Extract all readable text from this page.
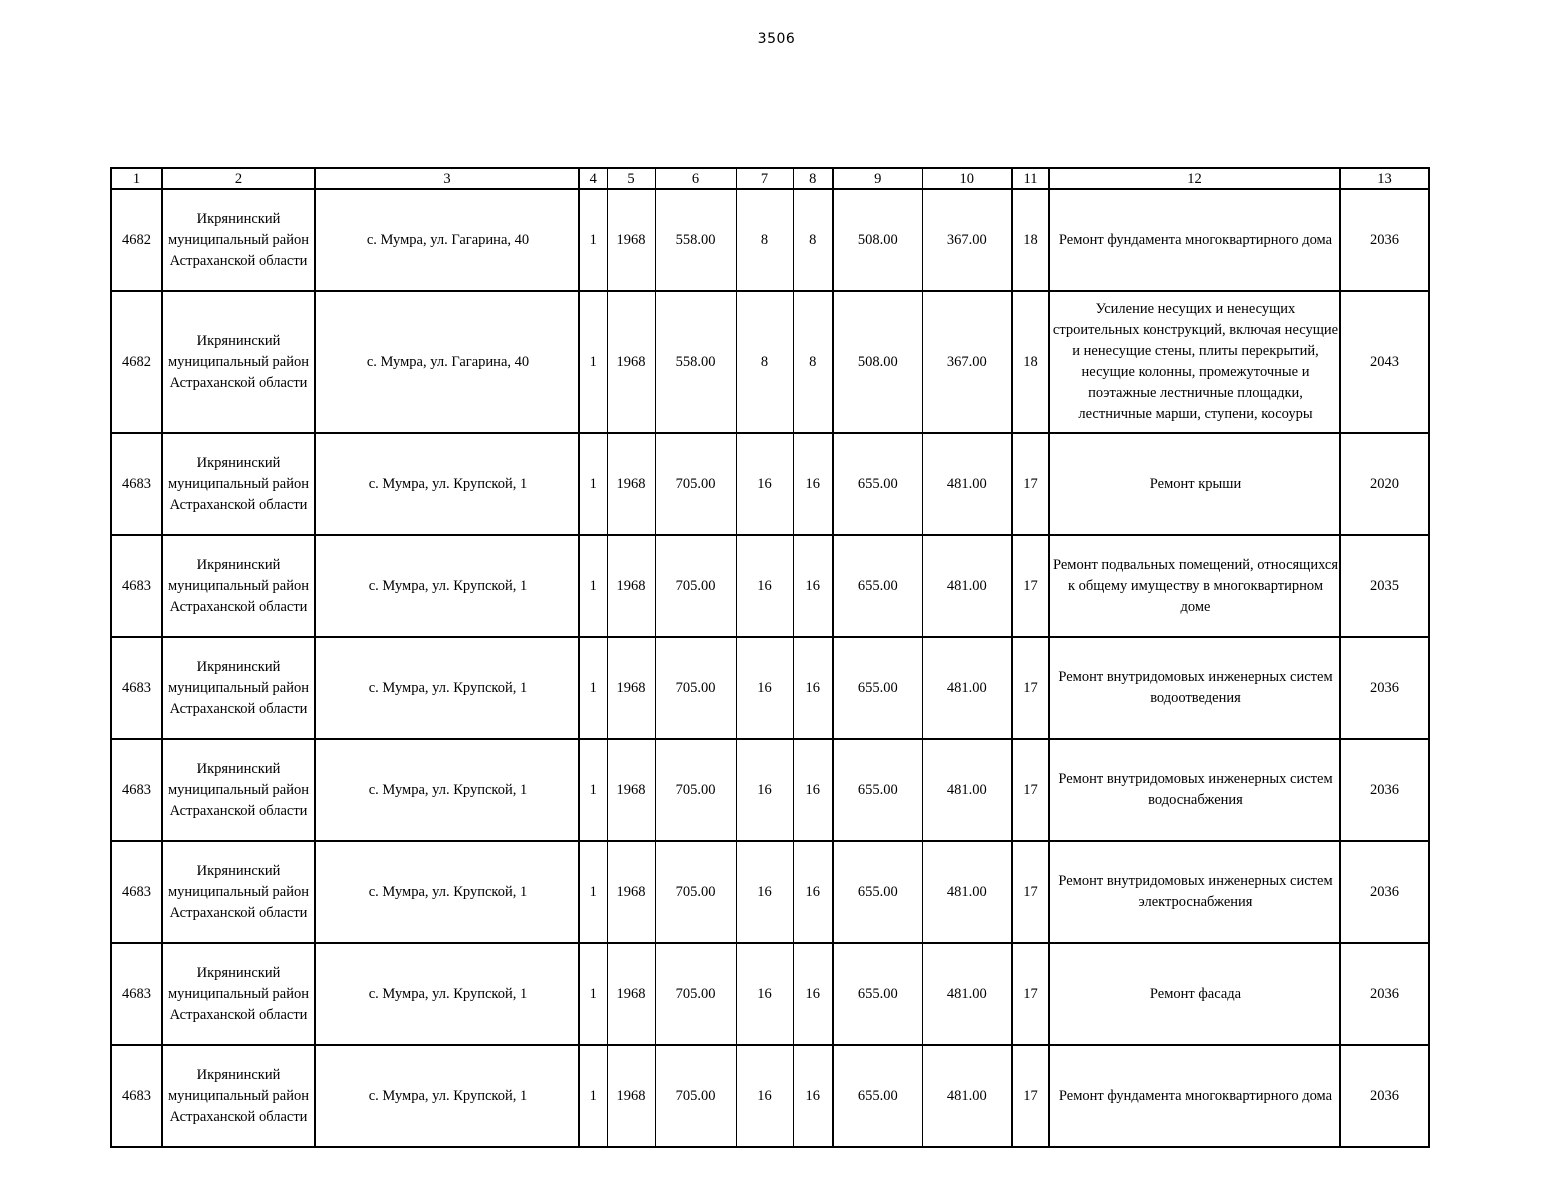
3506
1	2	3	4	5	6	7	8	9	10	11	12	13
4682	Икрянинский муниципальный район Астраханской области	с. Мумра, ул. Гагарина, 40	1	1968	558.00	8	8	508.00	367.00	18	Ремонт фундамента многоквартирного дома	2036
4682	Икрянинский муниципальный район Астраханской области	с. Мумра, ул. Гагарина, 40	1	1968	558.00	8	8	508.00	367.00	18	Усиление несущих и ненесущих строительных конструкций, включая несущие и ненесущие стены, плиты перекрытий, несущие колонны, промежуточные и поэтажные лестничные площадки, лестничные марши, ступени, косоуры	2043
4683	Икрянинский муниципальный район Астраханской области	с. Мумра, ул. Крупской, 1	1	1968	705.00	16	16	655.00	481.00	17	Ремонт крыши	2020
4683	Икрянинский муниципальный район Астраханской области	с. Мумра, ул. Крупской, 1	1	1968	705.00	16	16	655.00	481.00	17	Ремонт подвальных помещений, относящихся к общему имуществу в многоквартирном доме	2035
4683	Икрянинский муниципальный район Астраханской области	с. Мумра, ул. Крупской, 1	1	1968	705.00	16	16	655.00	481.00	17	Ремонт внутридомовых инженерных систем водоотведения	2036
4683	Икрянинский муниципальный район Астраханской области	с. Мумра, ул. Крупской, 1	1	1968	705.00	16	16	655.00	481.00	17	Ремонт внутридомовых инженерных систем водоснабжения	2036
4683	Икрянинский муниципальный район Астраханской области	с. Мумра, ул. Крупской, 1	1	1968	705.00	16	16	655.00	481.00	17	Ремонт внутридомовых инженерных систем электроснабжения	2036
4683	Икрянинский муниципальный район Астраханской области	с. Мумра, ул. Крупской, 1	1	1968	705.00	16	16	655.00	481.00	17	Ремонт фасада	2036
4683	Икрянинский муниципальный район Астраханской области	с. Мумра, ул. Крупской, 1	1	1968	705.00	16	16	655.00	481.00	17	Ремонт фундамента многоквартирного дома	2036
